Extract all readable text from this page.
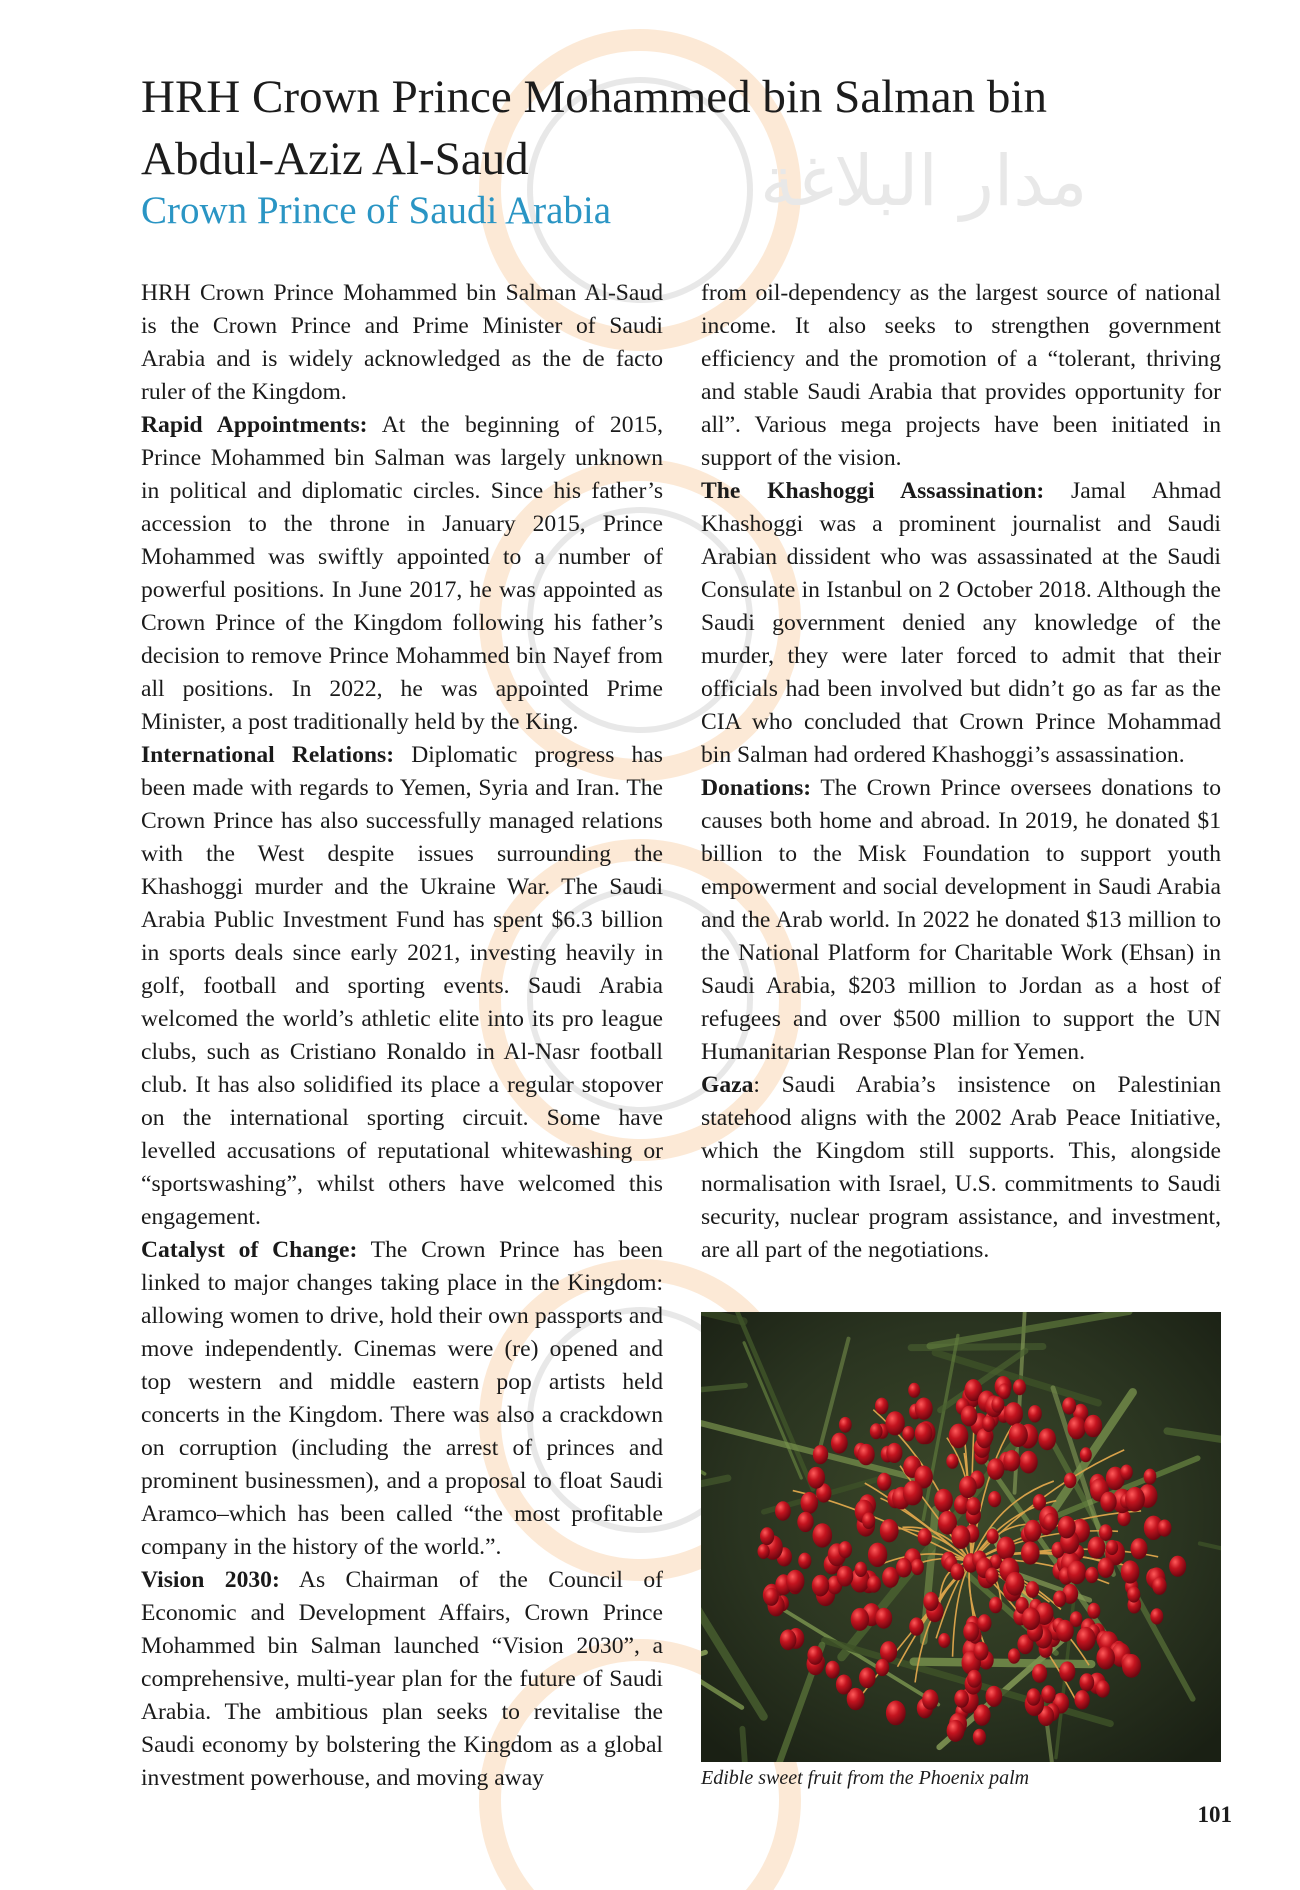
مدار البلاغة
HRH Crown Prince Mohammed bin Salman bin Abdul-Aziz Al-Saud
Crown Prince of Saudi Arabia

HRH Crown Prince Mohammed bin Salman Al-Saud is the Crown Prince and Prime Minister of Saudi Arabia and is widely acknowledged as the de facto ruler of the Kingdom.

Rapid Appointments: At the beginning of 2015, Prince Mohammed bin Salman was largely unknown in political and diplomatic circles. Since his father’s accession to the throne in January 2015, Prince Mohammed was swiftly appointed to a number of powerful positions. In June 2017, he was appointed as Crown Prince of the Kingdom following his father’s decision to remove Prince Mohammed bin Nayef from all positions. In 2022, he was appointed Prime Minister, a post traditionally held by the King.

International Relations: Diplomatic progress has been made with regards to Yemen, Syria and Iran. The Crown Prince has also successfully managed relations with the West despite issues surrounding the Khashoggi murder and the Ukraine War. The Saudi Arabia Public Investment Fund has spent $6.3 billion in sports deals since early 2021, investing heavily in golf, football and sporting events. Saudi Arabia welcomed the world’s athletic elite into its pro league clubs, such as Cristiano Ronaldo in Al-Nasr football club. It has also solidified its place a regular stopover on the international sporting circuit. Some have levelled accusations of reputational whitewashing or “sportswashing”, whilst others have welcomed this engagement.

Catalyst of Change: The Crown Prince has been linked to major changes taking place in the Kingdom: allowing women to drive, hold their own passports and move independently. Cinemas were (re) opened and top western and middle eastern pop artists held concerts in the Kingdom. There was also a crackdown on corruption (including the arrest of princes and prominent businessmen), and a proposal to float Saudi Aramco–which has been called “the most profitable company in the history of the world.”.

Vision 2030: As Chairman of the Council of Economic and Development Affairs, Crown Prince Mohammed bin Salman launched “Vision 2030”, a comprehensive, multi-year plan for the future of Saudi Arabia. The ambitious plan seeks to revitalise the Saudi economy by bolstering the Kingdom as a global investment powerhouse, and moving away

from oil-dependency as the largest source of national income. It also seeks to strengthen government efficiency and the promotion of a “tolerant, thriving and stable Saudi Arabia that provides opportunity for all”. Various mega projects have been initiated in support of the vision.

The Khashoggi Assassination: Jamal Ahmad Khashoggi was a prominent journalist and Saudi Arabian dissident who was assassinated at the Saudi Consulate in Istanbul on 2 October 2018. Although the Saudi government denied any knowledge of the murder, they were later forced to admit that their officials had been involved but didn’t go as far as the CIA who concluded that Crown Prince Mohammad bin Salman had ordered Khashoggi’s assassination.

Donations: The Crown Prince oversees donations to causes both home and abroad. In 2019, he donated $1 billion to the Misk Foundation to support youth empowerment and social development in Saudi Arabia and the Arab world. In 2022 he donated $13 million to the National Platform for Charitable Work (Ehsan) in Saudi Arabia, $203 million to Jordan as a host of refugees and over $500 million to support the UN Humanitarian Response Plan for Yemen.

Gaza: Saudi Arabia’s insistence on Palestinian statehood aligns with the 2002 Arab Peace Initiative, which the Kingdom still supports. This, alongside normalisation with Israel, U.S. commitments to Saudi security, nuclear program assistance, and investment, are all part of the negotiations.

Edible sweet fruit from the Phoenix palm

101
